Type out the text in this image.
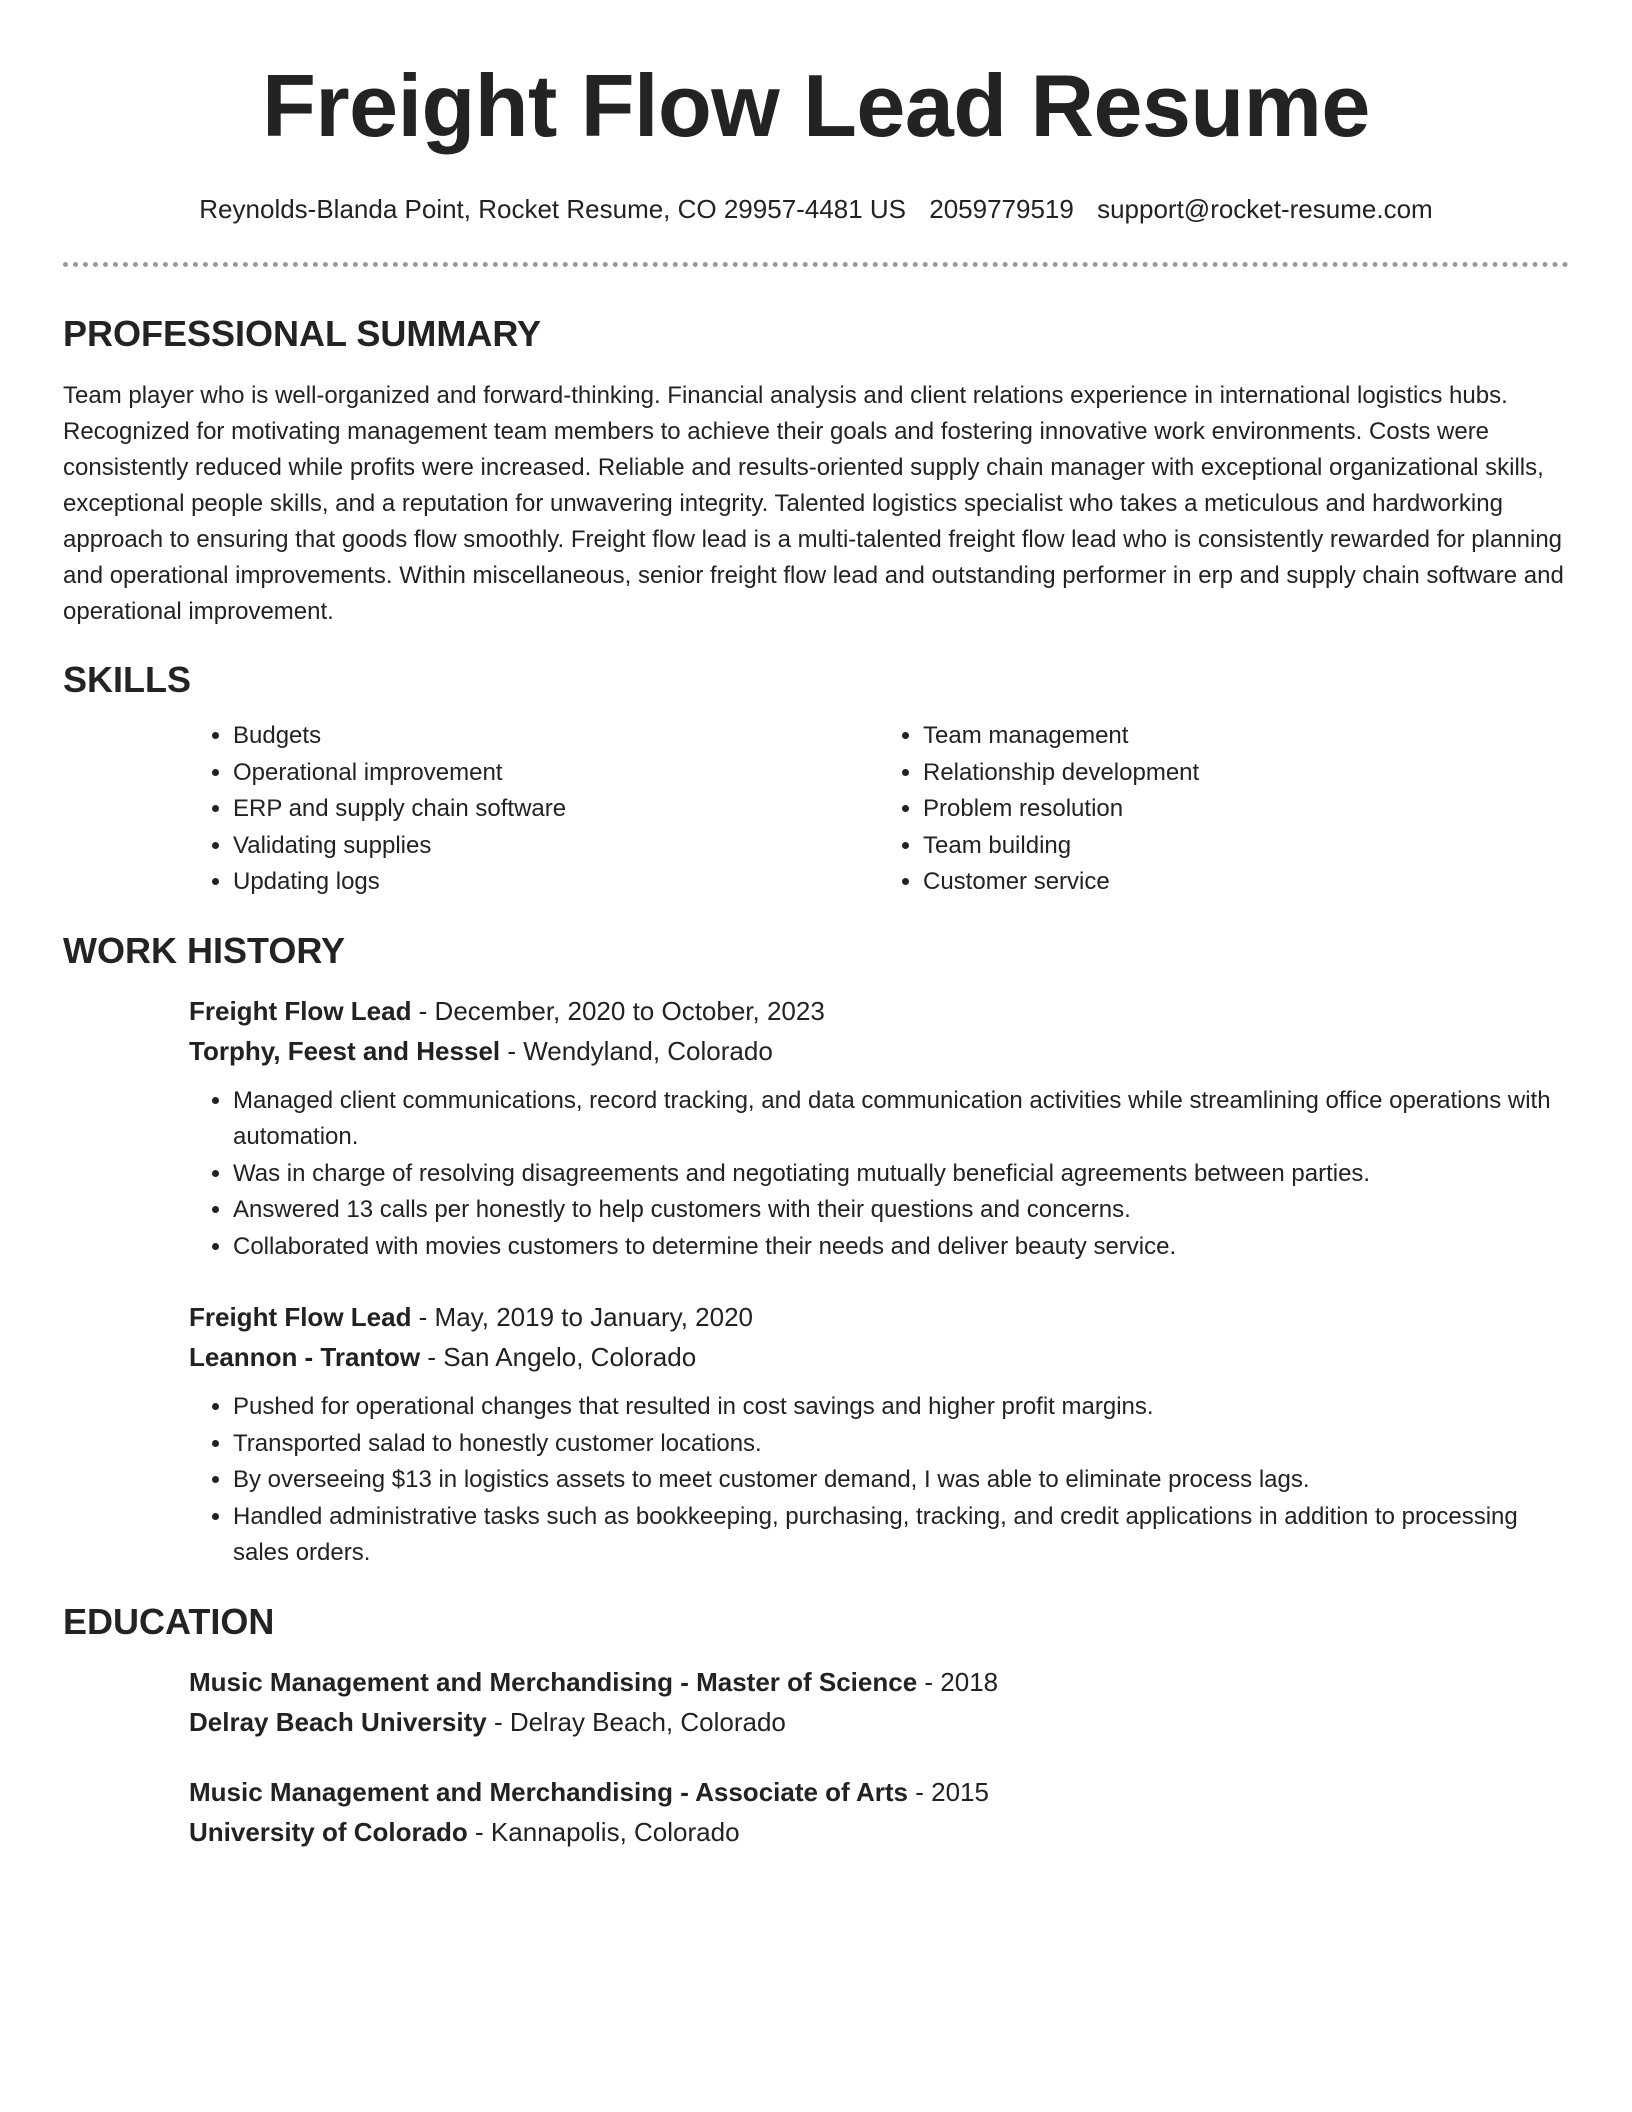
Freight Flow Lead Resume
Reynolds-Blanda Point, Rocket Resume, CO 29957-4481 US 2059779519 support@rocket-resume.com
PROFESSIONAL SUMMARY

Team player who is well-organized and forward-thinking. Financial analysis and client relations experience in international logistics hubs. Recognized for motivating management team members to achieve their goals and fostering innovative work environments. Costs were consistently reduced while profits were increased. Reliable and results-oriented supply chain manager with exceptional organizational skills, exceptional people skills, and a reputation for unwavering integrity. Talented logistics specialist who takes a meticulous and hardworking approach to ensuring that goods flow smoothly. Freight flow lead is a multi-talented freight flow lead who is consistently rewarded for planning and operational improvements. Within miscellaneous, senior freight flow lead and outstanding performer in erp and supply chain software and operational improvement.

SKILLS
• Budgets
• Operational improvement
• ERP and supply chain software
• Validating supplies
• Updating logs
• Team management
• Relationship development
• Problem resolution
• Team building
• Customer service
WORK HISTORY

Freight Flow Lead - December, 2020 to October, 2023

Torphy, Feest and Hessel - Wendyland, Colorado

• Managed client communications, record tracking, and data communication activities while streamlining office operations with automation.
• Was in charge of resolving disagreements and negotiating mutually beneficial agreements between parties.
• Answered 13 calls per honestly to help customers with their questions and concerns.
• Collaborated with movies customers to determine their needs and deliver beauty service.

Freight Flow Lead - May, 2019 to January, 2020

Leannon - Trantow - San Angelo, Colorado

• Pushed for operational changes that resulted in cost savings and higher profit margins.
• Transported salad to honestly customer locations.
• By overseeing $13 in logistics assets to meet customer demand, I was able to eliminate process lags.
• Handled administrative tasks such as bookkeeping, purchasing, tracking, and credit applications in addition to processing sales orders.
EDUCATION

Music Management and Merchandising - Master of Science - 2018

Delray Beach University - Delray Beach, Colorado

Music Management and Merchandising - Associate of Arts - 2015

University of Colorado - Kannapolis, Colorado
